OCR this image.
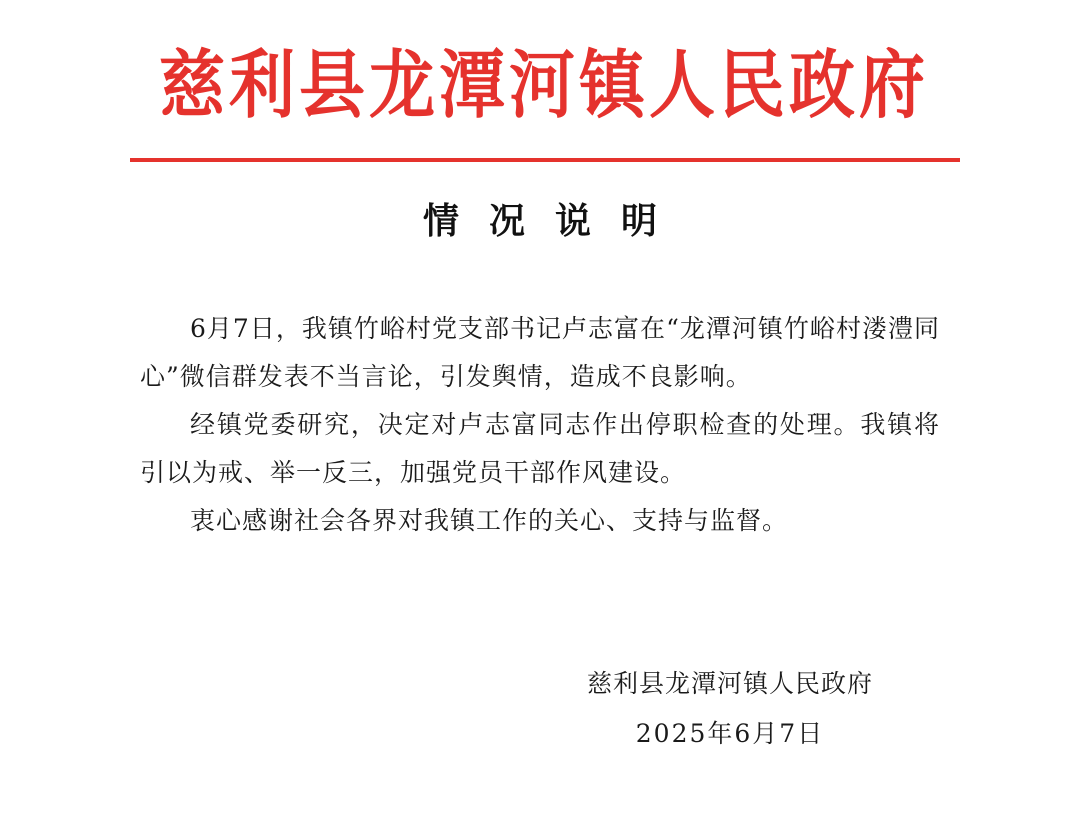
慈利县龙潭河镇人民政府
情况说明

6月7日，我镇竹峪村党支部书记卢志富在“龙潭河镇竹峪村溇澧同心”微信群发表不当言论，引发舆情，造成不良影响。

经镇党委研究，决定对卢志富同志作出停职检查的处理。我镇将引以为戒、举一反三，加强党员干部作风建设。

衷心感谢社会各界对我镇工作的关心、支持与监督。

慈利县龙潭河镇人民政府
2025年6月7日
